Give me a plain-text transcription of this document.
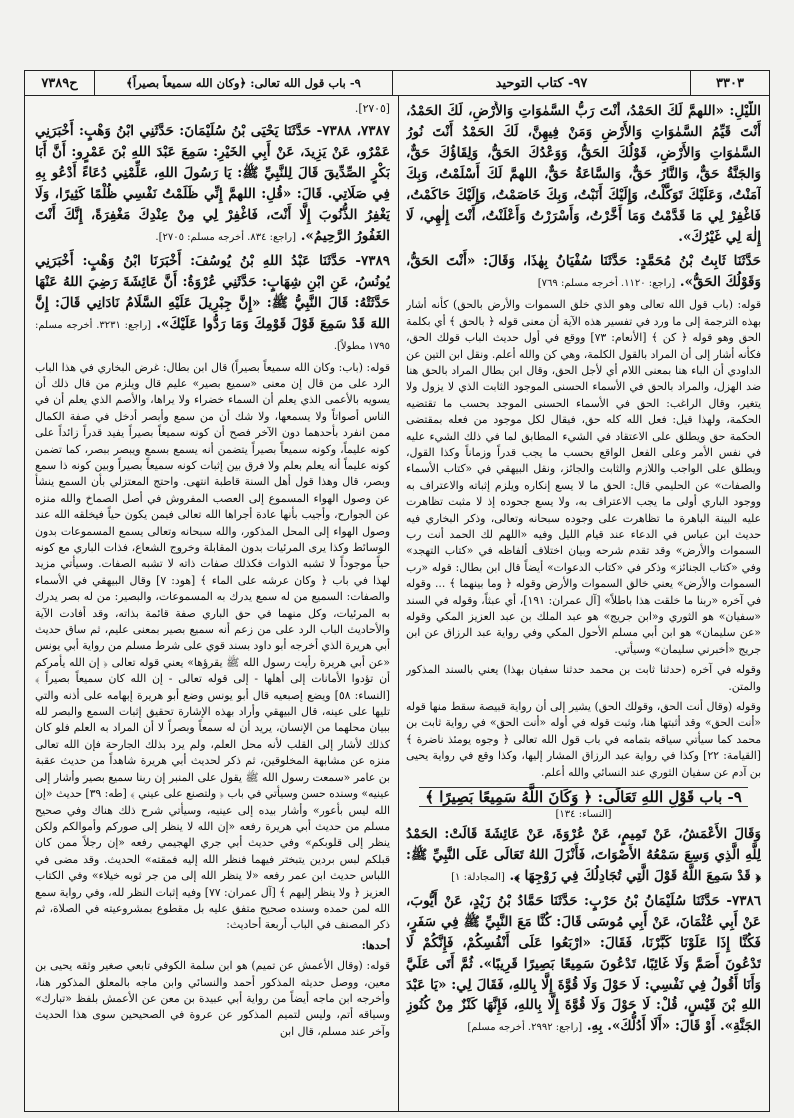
ح٧٣٨٩	٩- باب قول الله تعالى: ﴿وكان الله سميعاً بصيراً﴾	٩٧- كتاب التوحيد	٣٣٠٣

اللَّيْلِ: «اللهمَّ لَكَ الحَمْدُ، أَنْتَ رَبُّ السَّمٰوَاتِ وَالأَرْضِ، لَكَ الحَمْدُ، أَنْتَ قَيِّمُ السَّمٰوَاتِ وَالأَرْضِ وَمَنْ فِيهِنَّ، لَكَ الحَمْدُ أَنْتَ نُورُ السَّمٰوَاتِ وَالأَرْضِ، قَوْلُكَ الحَقُّ، وَوَعْدُكَ الحَقُّ، وَلِقَاؤُكَ حَقٌّ، وَالجَنَّةُ حَقٌّ، وَالنَّارُ حَقٌّ، وَالسَّاعَةُ حَقٌّ، اللهمَّ لَكَ أَسْلَمْتُ، وَبِكَ آمَنْتُ، وَعَلَيْكَ تَوَكَّلْتُ، وَإِلَيْكَ أَنَبْتُ، وَبِكَ خَاصَمْتُ، وَإِلَيْكَ حَاكَمْتُ، فَاغْفِرْ لِي مَا قَدَّمْتُ وَمَا أَخَّرْتُ، وَأَسْرَرْتُ وَأَعْلَنْتُ، أَنْتَ إِلٰهِي، لَا إِلٰهَ لِي غَيْرُكَ».

حَدَّثَنَا ثَابِتُ بْنُ مُحَمَّدٍ: حَدَّثَنَا سُفْيَانُ بِهٰذَا، وَقَالَ: «أَنْتَ الحَقُّ، وَقَوْلُكَ الحَقُّ». [راجع: ١١٢٠. أخرجه مسلم: ٧٦٩]

قوله: (باب قول الله تعالى وهو الذي خلق السموات والأرض بالحق) كأنه أشار بهذه الترجمة إلى ما ورد في تفسير هذه الآية أن معنى قوله ﴿ بالحق ﴾ أي بكلمة الحق وهو قوله ﴿ كن ﴾ [الأنعام: ٧٣] ووقع في أول حديث الباب قولك الحق، فكأنه أشار إلى أن المراد بالقول الكلمة، وهي كن والله أعلم. ونقل ابن التين عن الداودي أن الباء هنا بمعنى اللام أي لأجل الحق، وقال ابن بطال المراد بالحق هنا ضد الهزل، والمراد بالحق في الأسماء الحسنى الموجود الثابت الذي لا يزول ولا يتغير، وقال الراغب: الحق في الأسماء الحسنى الموجد بحسب ما تقتضيه الحكمة، ولهذا قيل: فعل الله كله حق، فيقال لكل موجود من فعله بمقتضى الحكمة حق ويطلق على الاعتقاد في الشيء المطابق لما في ذلك الشيء عليه في نفس الأمر وعلى الفعل الواقع بحسب ما يجب قدراً وزماناً وكذا القول، ويطلق على الواجب واللازم والثابت والجائز، ونقل البيهقي في «كتاب الأسماء والصفات» عن الحليمي قال: الحق ما لا يسع إنكاره ويلزم إثباته والاعتراف به ووجود الباري أولى ما يجب الاعتراف به، ولا يسع جحوده إذ لا مثبت تظاهرت عليه البينة الباهرة ما تظاهرت على وجوده سبحانه وتعالى، وذكر البخاري فيه حديث ابن عباس في الدعاء عند قيام الليل وفيه «اللهم لك الحمد أنت رب السموات والأرض» وقد تقدم شرحه وبيان اختلاف ألفاظه في «كتاب التهجد» وفي «كتاب الجنائز» وذكر في «كتاب الدعوات» أيضاً قال ابن بطال: قوله «رب السموات والأرض» يعني خالق السموات والأرض وقوله ﴿ وما بينهما ﴾ ... وقوله في آخره «ربنا ما خلقت هذا باطلاً» [آل عمران: ١٩١]، أي عبثاً، وقوله في السند «سفيان» هو الثوري و«ابن جريج» هو عبد الملك بن عبد العزيز المكي وقوله «عن سليمان» هو ابن أبي مسلم الأحول المكي وفي رواية عبد الرزاق عن ابن جريج «أخبرني سليمان» وسيأتي.

وقوله في آخره (حدثنا ثابت بن محمد حدثنا سفيان بهذا) يعني بالسند المذكور والمتن.

وقوله (وقال أنت الحق، وقولك الحق) يشير إلى أن رواية قبيصة سقط منها قوله «أنت الحق» وقد أثبتها هنا، وثبت قوله في أوله «أنت الحق» في رواية ثابت بن محمد كما سيأتي سياقه بتمامه في باب قول الله تعالى ﴿ وجوه يومئذ ناضرة ﴾ [القيامة: ٢٢] وكذا في رواية عبد الرزاق المشار إليها، وكذا وقع في رواية يحيى بن آدم عن سفيان الثوري عند النسائي والله أعلم.

٩- باب قَوْلِ اللهِ تَعَالَى: ﴿ وَكَانَ اللَّهُ سَمِيعًا بَصِيرًا ﴾
[النساء: ١٣٤]

وَقَالَ الأَعْمَشُ، عَنْ تَمِيمٍ، عَنْ عُرْوَةَ، عَنْ عَائِشَةَ قَالَتْ: الحَمْدُ لِلَّهِ الَّذِي وَسِعَ سَمْعُهُ الأَصْوَاتَ، فَأَنْزَلَ اللهُ تَعَالَى عَلَى النَّبِيِّ ﷺ: ﴿ قَدْ سَمِعَ اللَّهُ قَوْلَ الَّتِي تُجَادِلُكَ فِي زَوْجِهَا ﴾. [المجادلة: ١]

٧٣٨٦- حَدَّثَنَا سُلَيْمَانُ بْنُ حَرْبٍ: حَدَّثَنَا حَمَّادُ بْنُ زَيْدٍ، عَنْ أَيُّوبَ، عَنْ أَبِي عُثْمَانَ، عَنْ أَبِي مُوسَى قَالَ: كُنَّا مَعَ النَّبِيِّ ﷺ فِي سَفَرٍ، فَكُنَّا إِذَا عَلَوْنَا كَبَّرْنَا، فَقَالَ: «ارْبَعُوا عَلَى أَنْفُسِكُمْ، فَإِنَّكُمْ لَا تَدْعُونَ أَصَمَّ وَلَا غَائِبًا، تَدْعُونَ سَمِيعًا بَصِيرًا قَرِيبًا». ثُمَّ أَتَى عَلَيَّ وَأَنَا أَقُولُ فِي نَفْسِي: لَا حَوْلَ وَلَا قُوَّةَ إِلَّا بِاللهِ، فَقَالَ لِي: «يَا عَبْدَ اللهِ بْنَ قَيْسٍ، قُلْ: لَا حَوْلَ وَلَا قُوَّةَ إِلَّا بِاللهِ، فَإِنَّهَا كَنْزٌ مِنْ كُنُوزِ الجَنَّةِ». أَوْ قَالَ: «أَلَا أَدُلُّكَ». بِهِ. [راجع: ٢٩٩٢. أخرجه مسلم]

[٢٧٠٥].

٧٣٨٧، ٧٣٨٨- حَدَّثَنَا يَحْيَى بْنُ سُلَيْمَانَ: حَدَّثَنِي ابْنُ وَهْبٍ: أَخْبَرَنِي عَمْرٌو، عَنْ يَزِيدَ، عَنْ أَبِي الخَيْرِ: سَمِعَ عَبْدَ اللهِ بْنَ عَمْرٍو: أَنَّ أَبَا بَكْرٍ الصِّدِّيقَ قَالَ لِلنَّبِيِّ ﷺ: يَا رَسُولَ اللهِ، عَلِّمْنِي دُعَاءً أَدْعُو بِهِ فِي صَلَاتِي. قَالَ: «قُلِ: اللهمَّ إِنِّي ظَلَمْتُ نَفْسِي ظُلْمًا كَثِيرًا، وَلَا يَغْفِرُ الذُّنُوبَ إِلَّا أَنْتَ، فَاغْفِرْ لِي مِنْ عِنْدِكَ مَغْفِرَةً، إِنَّكَ أَنْتَ الغَفُورُ الرَّحِيمُ». [راجع: ٨٣٤. أخرجه مسلم: ٢٧٠٥].

٧٣٨٩- حَدَّثَنَا عَبْدُ اللهِ بْنُ يُوسُفَ: أَخْبَرَنَا ابْنُ وَهْبٍ: أَخْبَرَنِي يُونُسُ، عَنِ ابْنِ شِهَابٍ: حَدَّثَنِي عُرْوَةُ: أَنَّ عَائِشَةَ رَضِيَ اللهُ عَنْهَا حَدَّثَتْهُ: قَالَ النَّبِيُّ ﷺ: «إِنَّ جِبْرِيلَ عَلَيْهِ السَّلَامُ نَادَانِي قَالَ: إِنَّ اللهَ قَدْ سَمِعَ قَوْلَ قَوْمِكَ وَمَا رَدُّوا عَلَيْكَ». [راجع: ٣٢٣١. أخرجه مسلم: ١٧٩٥ مطولاً].

قوله: (باب: وكان الله سميعاً بصيراً) قال ابن بطال: غرض البخاري في هذا الباب الرد على من قال إن معنى «سميع بصير» عليم قال ويلزم من قال ذلك أن يسويه بالأعمى الذي يعلم أن السماء خضراء ولا يراها، والأصم الذي يعلم أن في الناس أصواتاً ولا يسمعها، ولا شك أن من سمع وأبصر أدخل في صفة الكمال ممن انفرد بأحدهما دون الآخر فصح أن كونه سميعاً بصيراً يفيد قدراً زائداً على كونه عليماً، وكونه سميعاً بصيراً يتضمن أنه يسمع بسمع ويبصر ببصر، كما تضمن كونه عليماً أنه يعلم بعلم ولا فرق بين إثبات كونه سميعاً بصيراً وبين كونه ذا سمع وبصر، قال وهذا قول أهل السنة قاطبة انتهى. واحتج المعتزلي بأن السمع ينشأ عن وصول الهواء المسموع إلى العصب المفروش في أصل الصماخ والله منزه عن الجوارح، وأجيب بأنها عادة أجراها الله تعالى فيمن يكون حياً فيخلقه الله عند وصول الهواء إلى المحل المذكور، والله سبحانه وتعالى يسمع المسموعات بدون الوسائط وكذا يرى المرئيات بدون المقابلة وخروج الشعاع، فذات الباري مع كونه حياً موجوداً لا تشبه الذوات فكذلك صفات ذاته لا تشبه الصفات. وسيأتي مزيد لهذا في باب ﴿ وكان عرشه على الماء ﴾ [هود: ٧] وقال البيهقي في الأسماء والصفات: السميع من له سمع يدرك به المسموعات، والبصير: من له بصر يدرك به المرئيات، وكل منهما في حق الباري صفة قائمة بذاته، وقد أفادت الآية والأحاديث الباب الرد على من زعم أنه سميع بصير بمعنى عليم، ثم ساق حديث أبي هريرة الذي أخرجه أبو داود بسند قوي على شرط مسلم من رواية أبي يونس «عن أبي هريرة رأيت رسول الله ﷺ يقرؤها» يعني قوله تعالى ﴿ إن الله يأمركم أن تؤدوا الأمانات إلى أهلها - إلى قوله تعالى - إن الله كان سميعاً بصيراً ﴾ [النساء: ٥٨] ويضع إصبعيه قال أبو يونس وضع أبو هريرة إبهامه على أذنه والتي تليها على عينه، قال البيهقي وأراد بهذه الإشارة تحقيق إثبات السمع والبصر لله ببيان محلهما من الإنسان، يريد أن له سمعاً وبصراً لا أن المراد به العلم فلو كان كذلك لأشار إلى القلب لأنه محل العلم، ولم يرد بذلك الجارحة فإن الله تعالى منزه عن مشابهة المخلوقين، ثم ذكر لحديث أبي هريرة شاهداً من حديث عقبة بن عامر «سمعت رسول الله ﷺ يقول على المنبر إن ربنا سميع بصير وأشار إلى عينيه» وسنده حسن وسيأتي في باب ﴿ ولتصنع على عيني ﴾ [طه: ٣٩] حديث «إن الله ليس بأعور» وأشار بيده إلى عينيه، وسيأتي شرح ذلك هناك وفي صحيح مسلم من حديث أبي هريرة رفعه «إن الله لا ينظر إلى صوركم وأموالكم ولكن ينظر إلى قلوبكم» وفي حديث أبي جري الهجيمي رفعه «إن رجلاً ممن كان قبلكم لبس بردين يتبختر فيهما فنظر الله إليه فمقته» الحديث. وقد مضى في اللباس حديث ابن عمر رفعه «لا ينظر الله إلى من جر ثوبه خيلاء» وفي الكتاب العزيز ﴿ ولا ينظر إليهم ﴾ [آل عمران: ٧٧] وفيه إثبات النظر لله، وفي رواية سمع الله لمن حمده وسنده صحيح متفق عليه بل مقطوع بمشروعيته في الصلاة، ثم ذكر المصنف في الباب أربعة أحاديث:

أحدها:

قوله: (وقال الأعمش عن تميم) هو ابن سلمة الكوفي تابعي صغير وثقه يحيى بن معين، ووصل حديثه المذكور أحمد والنسائي وابن ماجه بالمعلق المذكور هنا، وأخرجه ابن ماجه أيضاً من رواية أبي عبيدة بن معن عن الأعمش بلفظ «تبارك» وسياقه أتم، وليس لتميم المذكور عن عروة في الصحيحين سوى هذا الحديث وآخر عند مسلم، قال ابن
